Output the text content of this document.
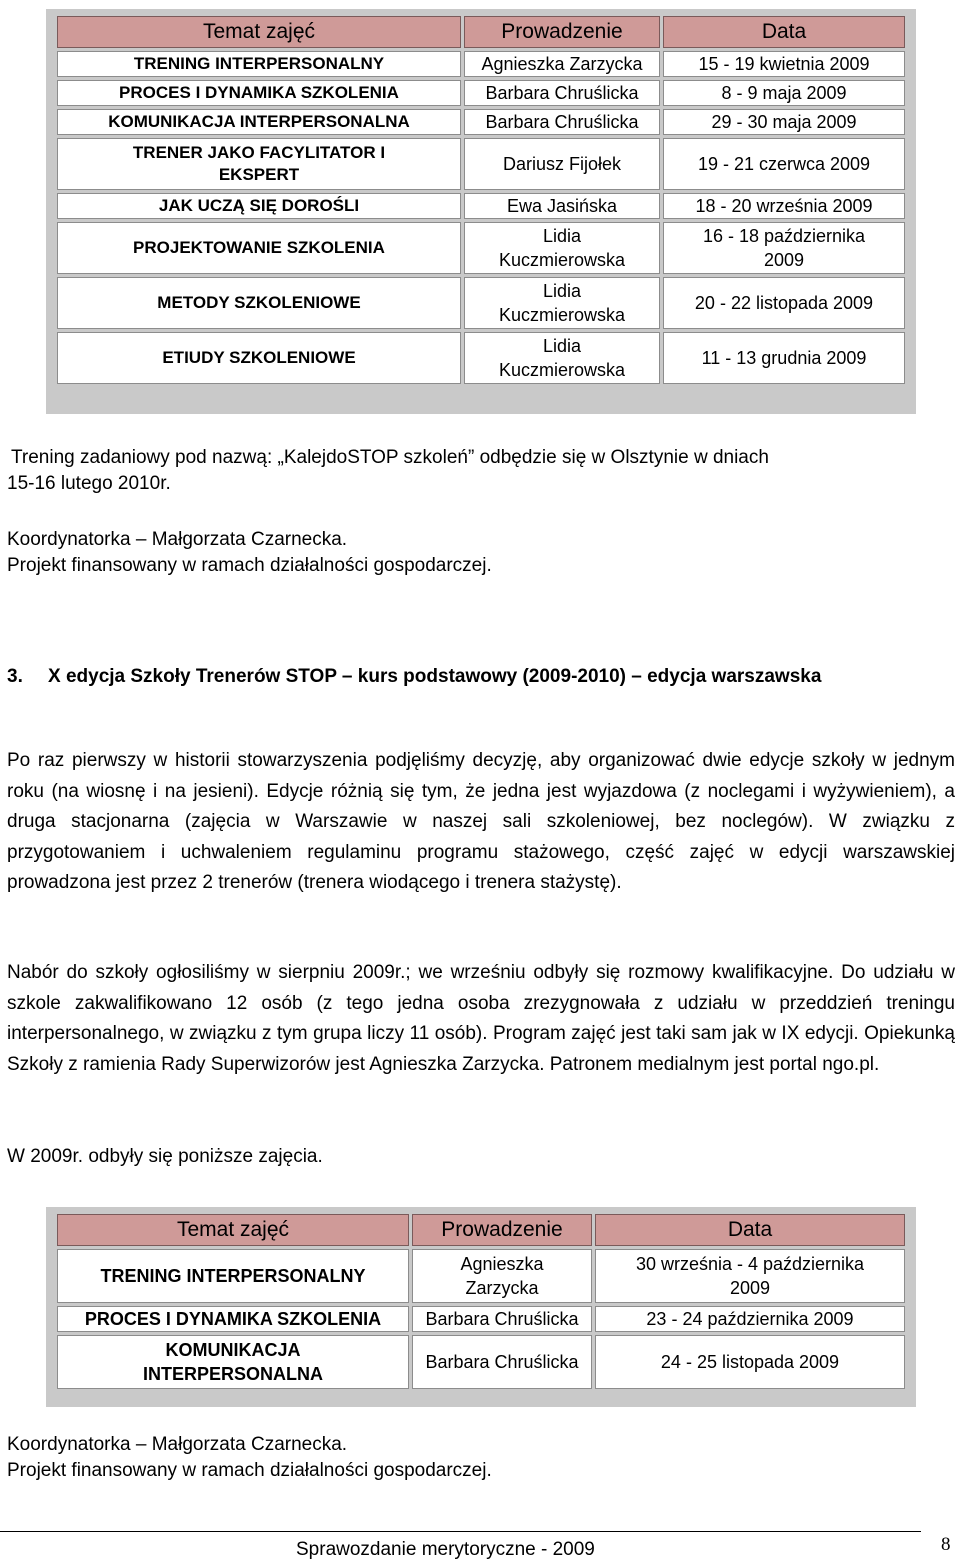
Temat zajęć	Prowadzenie	Data
TRENING INTERPERSONALNY	Agnieszka Zarzycka	15 - 19 kwietnia 2009
PROCES I DYNAMIKA SZKOLENIA	Barbara Chruślicka	8 - 9 maja 2009
KOMUNIKACJA INTERPERSONALNA	Barbara Chruślicka	29 - 30 maja 2009
TRENER JAKO FACYLITATOR I EKSPERT	Dariusz Fijołek	19 - 21 czerwca 2009
JAK UCZĄ SIĘ DOROŚLI	Ewa Jasińska	18 - 20 września 2009
PROJEKTOWANIE SZKOLENIA	Lidia Kuczmierowska	16 - 18 października 2009
METODY SZKOLENIOWE	Lidia Kuczmierowska	20 - 22 listopada 2009
ETIUDY SZKOLENIOWE	Lidia Kuczmierowska	11 - 13 grudnia 2009

Trening zadaniowy pod nazwą: „KalejdoSTOP szkoleń” odbędzie się w Olsztynie w dniach

15-16 lutego 2010r.

Koordynatorka – Małgorzata Czarnecka.

Projekt finansowany w ramach działalności gospodarczej.

3.	X edycja Szkoły Trenerów STOP – kurs podstawowy (2009-2010) – edycja warszawska

Po raz pierwszy w historii stowarzyszenia podjęliśmy decyzję, aby organizować dwie edycje szkoły w jednym roku (na wiosnę i na jesieni). Edycje różnią się tym, że jedna jest wyjazdowa (z noclegami i wyżywieniem), a druga stacjonarna (zajęcia w Warszawie w naszej sali szkoleniowej, bez noclegów). W związku z przygotowaniem i uchwaleniem regulaminu programu stażowego, część zajęć w edycji warszawskiej prowadzona jest przez 2 trenerów (trenera wiodącego i trenera stażystę).

Nabór do szkoły ogłosiliśmy w sierpniu 2009r.; we wrześniu odbyły się rozmowy kwalifikacyjne. Do udziału w szkole zakwalifikowano 12 osób (z tego jedna osoba zrezygnowała z udziału w przeddzień treningu interpersonalnego, w związku z tym grupa liczy 11 osób). Program zajęć jest taki sam jak w IX edycji. Opiekunką Szkoły z ramienia Rady Superwizorów jest Agnieszka Zarzycka. Patronem medialnym jest portal ngo.pl.

W 2009r. odbyły się poniższe zajęcia.

Temat zajęć	Prowadzenie	Data
TRENING INTERPERSONALNY	Agnieszka Zarzycka	30 września - 4 października 2009
PROCES I DYNAMIKA SZKOLENIA	Barbara Chruślicka	23 - 24 października 2009
KOMUNIKACJA INTERPERSONALNA	Barbara Chruślicka	24 - 25 listopada 2009

Koordynatorka – Małgorzata Czarnecka.

Projekt finansowany w ramach działalności gospodarczej.

Sprawozdanie merytoryczne - 2009	8
